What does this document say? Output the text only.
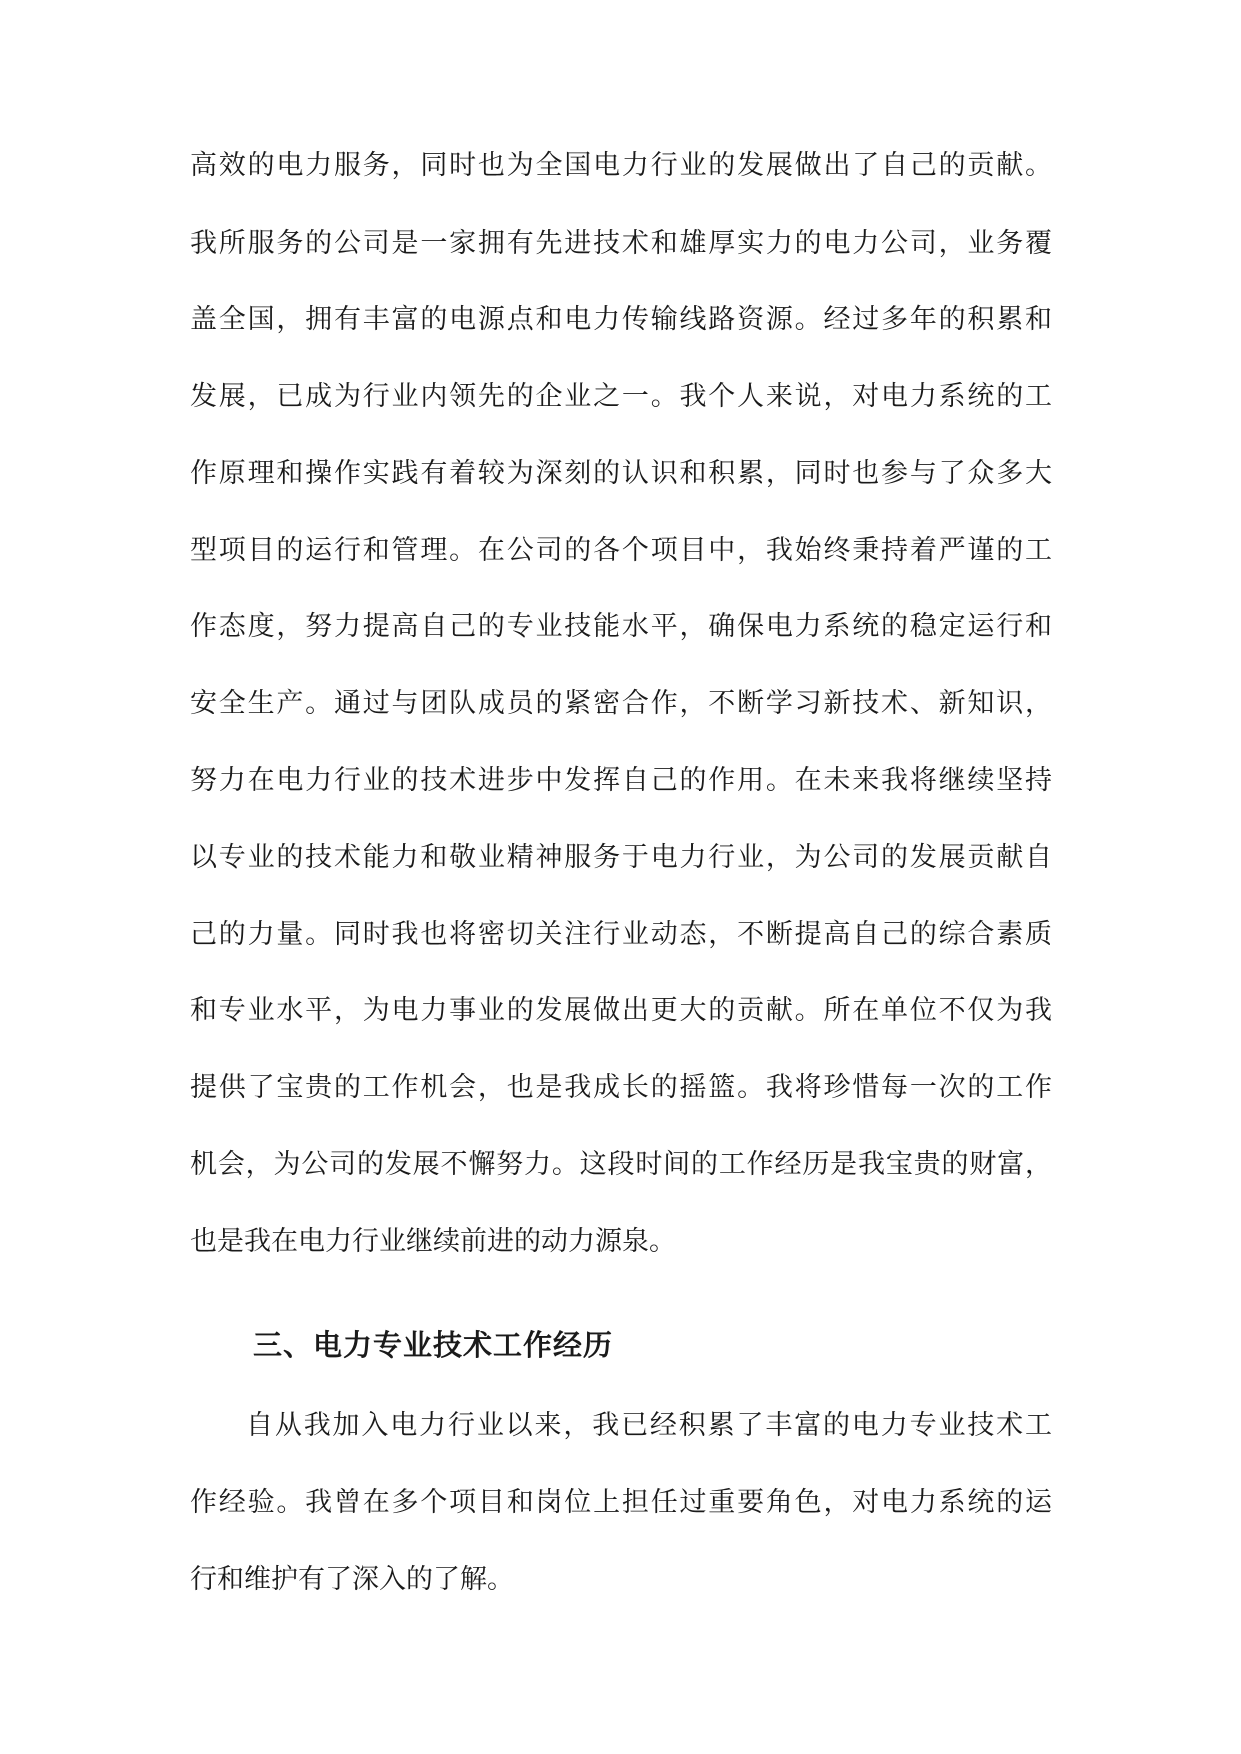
高效的电力服务，同时也为全国电力行业的发展做出了自己的贡献。
我所服务的公司是一家拥有先进技术和雄厚实力的电力公司，业务覆
盖全国，拥有丰富的电源点和电力传输线路资源。经过多年的积累和
发展，已成为行业内领先的企业之一。我个人来说，对电力系统的工
作原理和操作实践有着较为深刻的认识和积累，同时也参与了众多大
型项目的运行和管理。在公司的各个项目中，我始终秉持着严谨的工
作态度，努力提高自己的专业技能水平，确保电力系统的稳定运行和
安全生产。通过与团队成员的紧密合作，不断学习新技术、新知识，
努力在电力行业的技术进步中发挥自己的作用。在未来我将继续坚持
以专业的技术能力和敬业精神服务于电力行业，为公司的发展贡献自
己的力量。同时我也将密切关注行业动态，不断提高自己的综合素质
和专业水平，为电力事业的发展做出更大的贡献。所在单位不仅为我
提供了宝贵的工作机会，也是我成长的摇篮。我将珍惜每一次的工作
机会，为公司的发展不懈努力。这段时间的工作经历是我宝贵的财富，
也是我在电力行业继续前进的动力源泉。
三、电力专业技术工作经历
自从我加入电力行业以来，我已经积累了丰富的电力专业技术工
作经验。我曾在多个项目和岗位上担任过重要角色，对电力系统的运
行和维护有了深入的了解。
